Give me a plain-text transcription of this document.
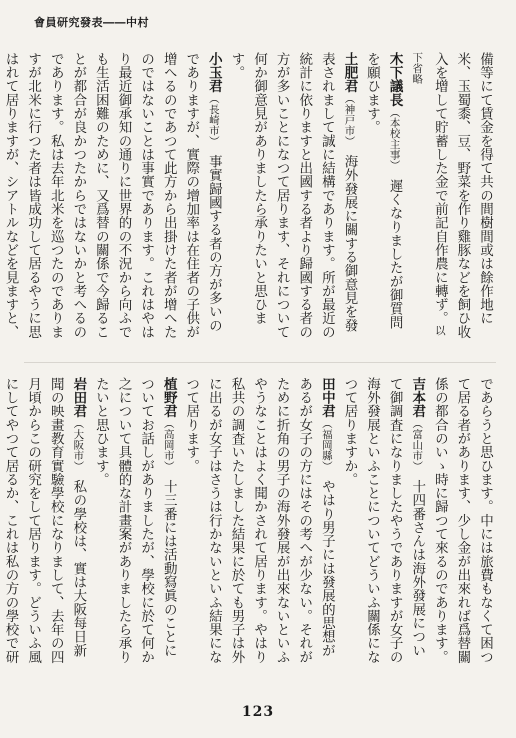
會員研究發表――中村

備等にて賃金を得て共の間樹間或は餘作地に米、玉蜀黍、豆、野菜を作り雞豚などを飼ひ收入を增して貯蓄した金で前記自作農に轉ず。以下省略

木下議長（本校主事）　遲くなりましたが御質問を願ひます。

土肥君（神戸市）　海外發展に關する御意見を發表されまして誠に結構であります。所が最近の統計に依りますと出國する者より歸國する者の方が多いことになつて居ります、それについて何か御意見がありましたら承りたいと思ひます。

小玉君（長崎市）　事實歸國する者の方が多いのでありますが、實際の增加率は在住者の子供が增へるのであつて此方から出掛けた者が增へたのではないことは事實であります。これはやはり最近御承知の通りに世界的の不況から向ふでも生活困難のために、又爲替の關係で今歸ることが都合が良かつたからではないかと考へるのであります。私は去年北米を巡つたのでありますが北米に行つた者は皆成功して居るやうに思はれて居りますが、シアトルなどを見ますと、

であらうと思ひます。中には旅費もなくて困つて居る者があります、少し金が出來れば爲替關係の都合のいゝ時に歸つて來るのであります。

吉本君（富山市）　十四番さんは海外發展について御調査になりましたやうでありますが女子の海外發展といふことについてどういふ關係になつて居りますか。

田中君（福岡縣）　やはり男子には發展的思想があるが女子の方にはその考へが少ない。それがために折角の男子の海外發展が出來ないといふやうなことはよく聞かされて居ります。やはり私共の調査いたしました結果に於ても男子は外に出るが女子はさうは行かないといふ結果になつて居ります。

植野君（高岡市）　十三番には活動寫眞のことについてお話しがありましたが、學校に於て何か之について具體的な計畫案がありましたら承りたいと思ひます。

岩田君（大阪市）　私の學校は、實は大阪每日新聞の映畫教育實驗學校になりまして、去年の四月頃からこの研究をして居ります。どういふ風にしてやつて居るか、これは私の方の學校で研

123
